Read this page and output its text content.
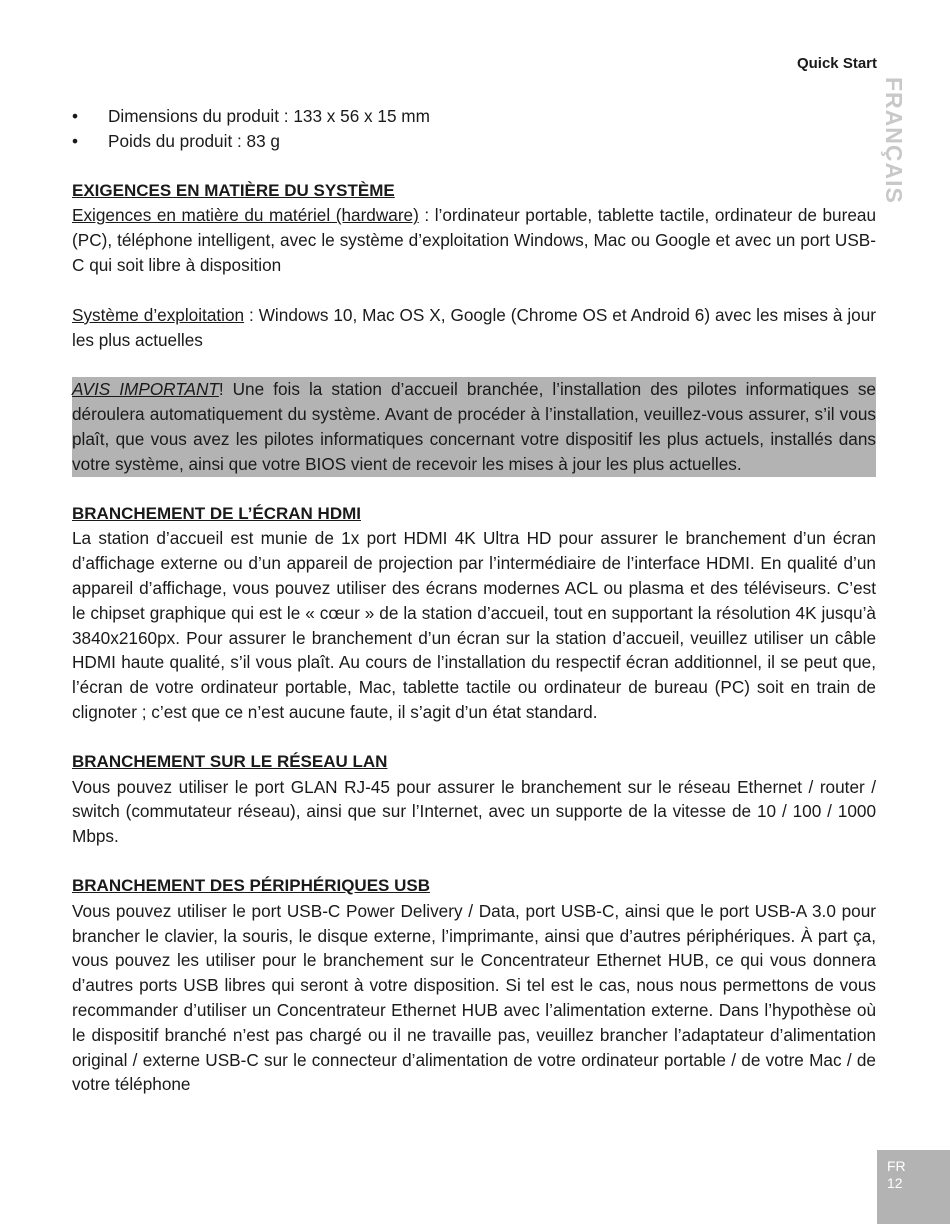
Quick Start
FRANÇAIS
• Dimensions du produit : 133 x 56 x 15 mm
• Poids du produit : 83 g
EXIGENCES EN MATIÈRE DU SYSTÈME

Exigences en matière du matériel (hardware) : l’ordinateur portable, tablette tactile, ordinateur de bureau (PC), téléphone intelligent, avec le système d’exploitation Windows, Mac ou Google et avec un port USB-C qui soit libre à disposition

Système d’exploitation : Windows 10, Mac OS X, Google (Chrome OS et Android 6) avec les mises à jour les plus actuelles

AVIS IMPORTANT! Une fois la station d’accueil branchée, l’installation des pilotes informatiques se déroulera automatiquement du système. Avant de procéder à l’installation, veuillez-vous assurer, s’il vous plaît, que vous avez les pilotes informatiques concernant votre dispositif les plus actuels, installés dans votre système, ainsi que votre BIOS vient de recevoir les mises à jour les plus actuelles.

BRANCHEMENT DE L’ÉCRAN HDMI

La station d’accueil est munie de 1x port HDMI 4K Ultra HD pour assurer le branchement d’un écran d’affichage externe ou d’un appareil de projection par l’intermédiaire de l’interface HDMI. En qualité d’un appareil d’affichage, vous pouvez utiliser des écrans modernes ACL ou plasma et des téléviseurs. C’est le chipset graphique qui est le « cœur » de la station d’accueil, tout en supportant la résolution 4K jusqu’à 3840x2160px. Pour assurer le branchement d’un écran sur la station d’accueil, veuillez utiliser un câble HDMI haute qualité, s’il vous plaît. Au cours de l’installation du respectif écran additionnel, il se peut que, l’écran de votre ordinateur portable, Mac, tablette tactile ou ordinateur de bureau (PC) soit en train de clignoter ; c’est que ce n’est aucune faute, il s’agit d’un état standard.

BRANCHEMENT SUR LE RÉSEAU LAN

Vous pouvez utiliser le port GLAN RJ-45 pour assurer le branchement sur le réseau Ethernet / router / switch (commutateur réseau), ainsi que sur l’Internet, avec un supporte de la vitesse de 10 / 100 / 1000 Mbps.

BRANCHEMENT DES PÉRIPHÉRIQUES USB

Vous pouvez utiliser le port USB-C Power Delivery / Data, port USB-C, ainsi que le port USB-A 3.0 pour brancher le clavier, la souris, le disque externe, l’imprimante, ainsi que d’autres périphériques. À part ça, vous pouvez les utiliser pour le branchement sur le Concentrateur Ethernet HUB, ce qui vous donnera d’autres ports USB libres qui seront à votre disposition. Si tel est le cas, nous nous permettons de vous recommander d’utiliser un Concentrateur Ethernet HUB avec l’alimentation externe. Dans l’hypothèse où le dispositif branché n’est pas chargé ou il ne travaille pas, veuillez brancher l’adaptateur d’alimentation original / externe USB-C sur le connecteur d’alimentation de votre ordinateur portable / de votre Mac / de votre téléphone

FR
12
